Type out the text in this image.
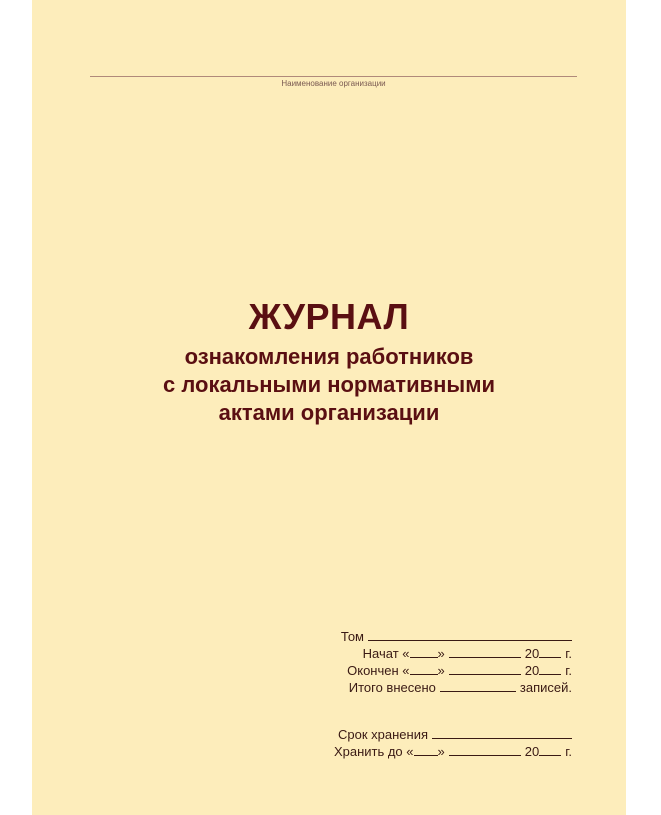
Наименование организации
ЖУРНАЛ
ознакомления работников
с локальными нормативными
актами организации
Том
Начат « »	20 г.
Окончен « »	20 г.
Итого внесено	записей.
Срок хранения
Хранить до « »	20 г.
